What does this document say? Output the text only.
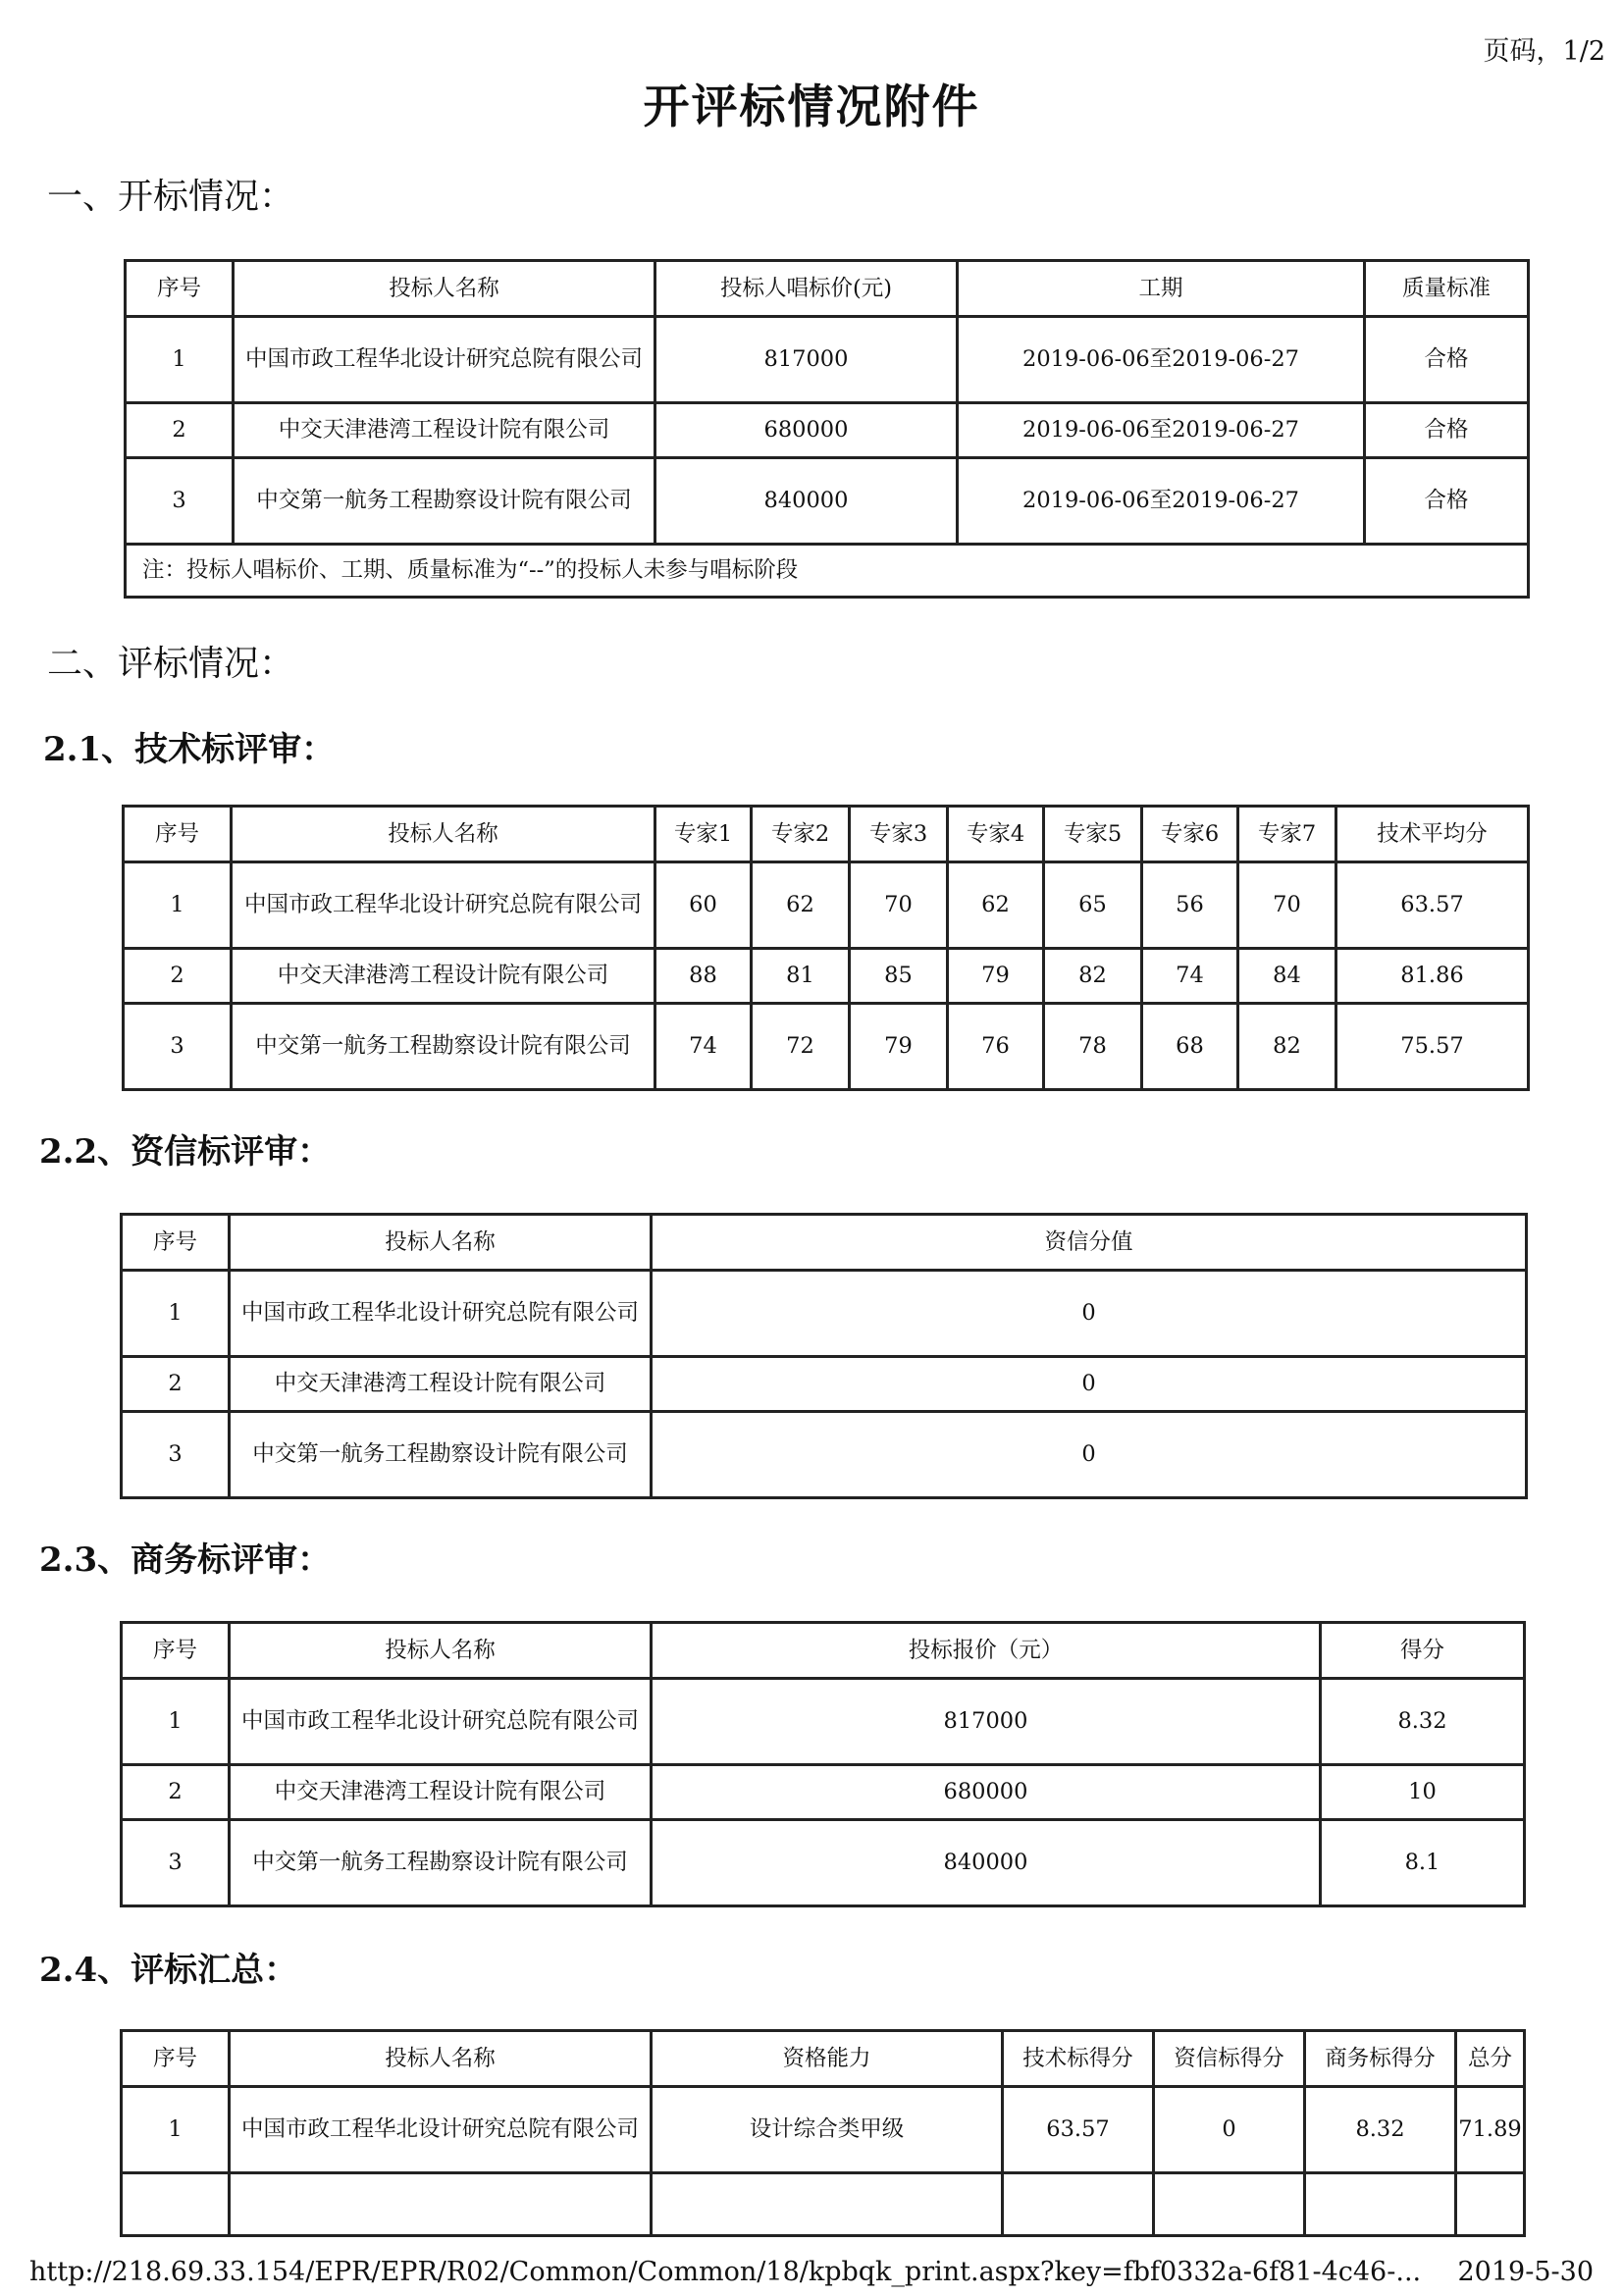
页码，1/2
开评标情况附件
一、开标情况：
序号	投标人名称	投标人唱标价(元)	工期	质量标准
1	中国市政工程华北设计研究总院有限公司	817000	2019-06-06至2019-06-27	合格
2	中交天津港湾工程设计院有限公司	680000	2019-06-06至2019-06-27	合格
3	中交第一航务工程勘察设计院有限公司	840000	2019-06-06至2019-06-27	合格
注：投标人唱标价、工期、质量标准为“--”的投标人未参与唱标阶段				
二、评标情况：
2.1、技术标评审：
序号	投标人名称	专家1	专家2	专家3	专家4	专家5	专家6	专家7	技术平均分
1	中国市政工程华北设计研究总院有限公司	60	62	70	62	65	56	70	63.57
2	中交天津港湾工程设计院有限公司	88	81	85	79	82	74	84	81.86
3	中交第一航务工程勘察设计院有限公司	74	72	79	76	78	68	82	75.57
2.2、资信标评审：
序号	投标人名称	资信分值
1	中国市政工程华北设计研究总院有限公司	0
2	中交天津港湾工程设计院有限公司	0
3	中交第一航务工程勘察设计院有限公司	0
2.3、商务标评审：
序号	投标人名称	投标报价（元）	得分
1	中国市政工程华北设计研究总院有限公司	817000	8.32
2	中交天津港湾工程设计院有限公司	680000	10
3	中交第一航务工程勘察设计院有限公司	840000	8.1
2.4、评标汇总：
序号	投标人名称	资格能力	技术标得分	资信标得分	商务标得分	总分
1	中国市政工程华北设计研究总院有限公司	设计综合类甲级	63.57	0	8.32	71.89

http://218.69.33.154/EPR/EPR/R02/Common/Common/18/kpbqk_print.aspx?key=fbf0332a-6f81-4c46-... 2019-5-30
